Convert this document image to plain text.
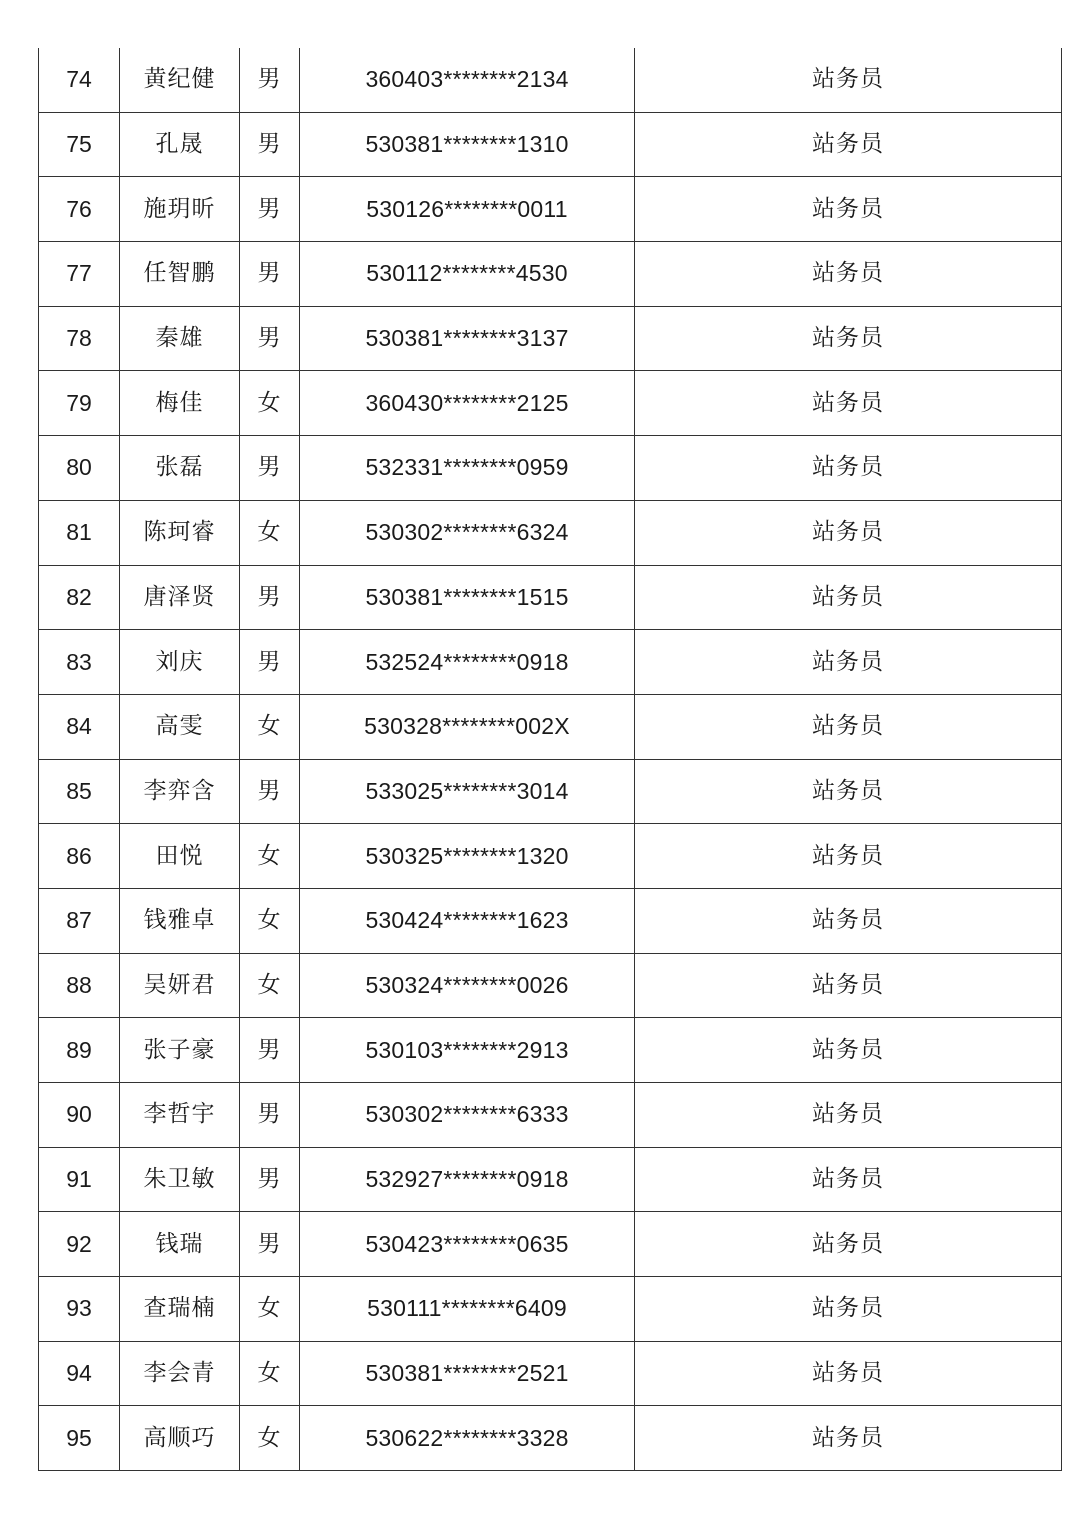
74	黄纪健	男	360403********2134	站务员
75	孔晟	男	530381********1310	站务员
76	施玥昕	男	530126********0011	站务员
77	任智鹏	男	530112********4530	站务员
78	秦雄	男	530381********3137	站务员
79	梅佳	女	360430********2125	站务员
80	张磊	男	532331********0959	站务员
81	陈珂睿	女	530302********6324	站务员
82	唐泽贤	男	530381********1515	站务员
83	刘庆	男	532524********0918	站务员
84	高雯	女	530328********002X	站务员
85	李弈含	男	533025********3014	站务员
86	田悦	女	530325********1320	站务员
87	钱雅卓	女	530424********1623	站务员
88	吴妍君	女	530324********0026	站务员
89	张子豪	男	530103********2913	站务员
90	李哲宇	男	530302********6333	站务员
91	朱卫敏	男	532927********0918	站务员
92	钱瑞	男	530423********0635	站务员
93	查瑞楠	女	530111********6409	站务员
94	李会青	女	530381********2521	站务员
95	高顺巧	女	530622********3328	站务员
